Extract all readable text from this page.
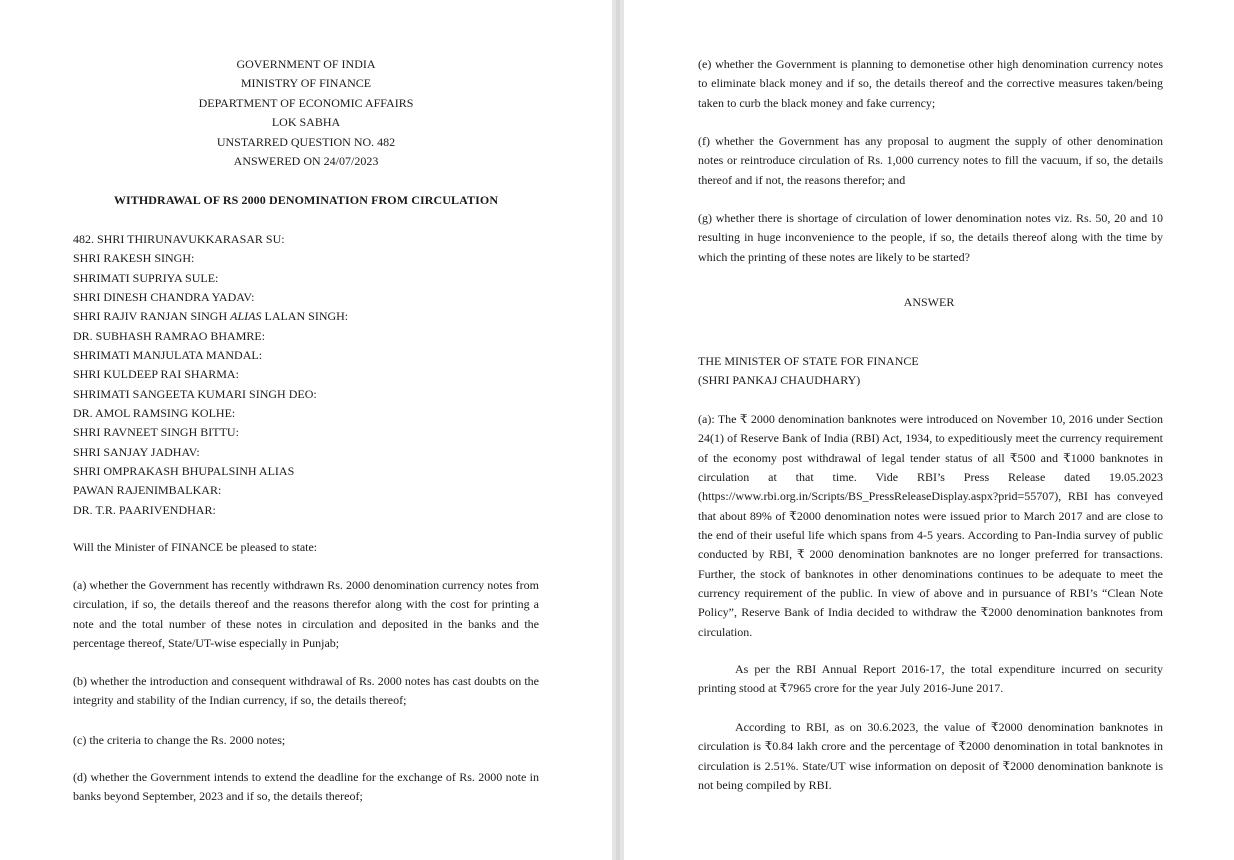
GOVERNMENT OF INDIA
MINISTRY OF FINANCE
DEPARTMENT OF ECONOMIC AFFAIRS
LOK SABHA
UNSTARRED QUESTION NO. 482
ANSWERED ON 24/07/2023
WITHDRAWAL OF RS 2000 DENOMINATION FROM CIRCULATION
482. SHRI THIRUNAVUKKARASAR SU:
SHRI RAKESH SINGH:
SHRIMATI SUPRIYA SULE:
SHRI DINESH CHANDRA YADAV:
SHRI RAJIV RANJAN SINGH ALIAS LALAN SINGH:
DR. SUBHASH RAMRAO BHAMRE:
SHRIMATI MANJULATA MANDAL:
SHRI KULDEEP RAI SHARMA:
SHRIMATI SANGEETA KUMARI SINGH DEO:
DR. AMOL RAMSING KOLHE:
SHRI RAVNEET SINGH BITTU:
SHRI SANJAY JADHAV:
SHRI OMPRAKASH BHUPALSINH ALIAS
PAWAN RAJENIMBALKAR:
DR. T.R. PAARIVENDHAR:
Will the Minister of FINANCE be pleased to state:
(a) whether the Government has recently withdrawn Rs. 2000 denomination currency notes from circulation, if so, the details thereof and the reasons therefor along with the cost for printing a note and the total number of these notes in circulation and deposited in the banks and the percentage thereof, State/UT-wise especially in Punjab;
(b) whether the introduction and consequent withdrawal of Rs. 2000 notes has cast doubts on the integrity and stability of the Indian currency, if so, the details thereof;
(c) the criteria to change the Rs. 2000 notes;
(d) whether the Government intends to extend the deadline for the exchange of Rs. 2000 note in banks beyond September, 2023 and if so, the details thereof;
(e) whether the Government is planning to demonetise other high denomination currency notes to eliminate black money and if so, the details thereof and the corrective measures taken/being taken to curb the black money and fake currency;
(f) whether the Government has any proposal to augment the supply of other denomination notes or reintroduce circulation of Rs. 1,000 currency notes to fill the vacuum, if so, the details thereof and if not, the reasons therefor; and
(g) whether there is shortage of circulation of lower denomination notes viz. Rs. 50, 20 and 10 resulting in huge inconvenience to the people, if so, the details thereof along with the time by which the printing of these notes are likely to be started?
ANSWER
THE MINISTER OF STATE FOR FINANCE
(SHRI PANKAJ CHAUDHARY)
(a): The ₹ 2000 denomination banknotes were introduced on November 10, 2016 under Section 24(1) of Reserve Bank of India (RBI) Act, 1934, to expeditiously meet the currency requirement of the economy post withdrawal of legal tender status of all ₹500 and ₹1000 banknotes in circulation at that time. Vide RBI’s Press Release dated 19.05.2023 (https://www.rbi.org.in/Scripts/BS_PressReleaseDisplay.aspx?prid=55707), RBI has conveyed that about 89% of ₹2000 denomination notes were issued prior to March 2017 and are close to the end of their useful life which spans from 4-5 years. According to Pan-India survey of public conducted by RBI, ₹ 2000 denomination banknotes are no longer preferred for transactions. Further, the stock of banknotes in other denominations continues to be adequate to meet the currency requirement of the public. In view of above and in pursuance of RBI’s “Clean Note Policy”, Reserve Bank of India decided to withdraw the ₹2000 denomination banknotes from circulation.
As per the RBI Annual Report 2016-17, the total expenditure incurred on security printing stood at ₹7965 crore for the year July 2016-June 2017.
According to RBI, as on 30.6.2023, the value of ₹2000 denomination banknotes in circulation is ₹0.84 lakh crore and the percentage of ₹2000 denomination in total banknotes in circulation is 2.51%. State/UT wise information on deposit of ₹2000 denomination banknote is not being compiled by RBI.
